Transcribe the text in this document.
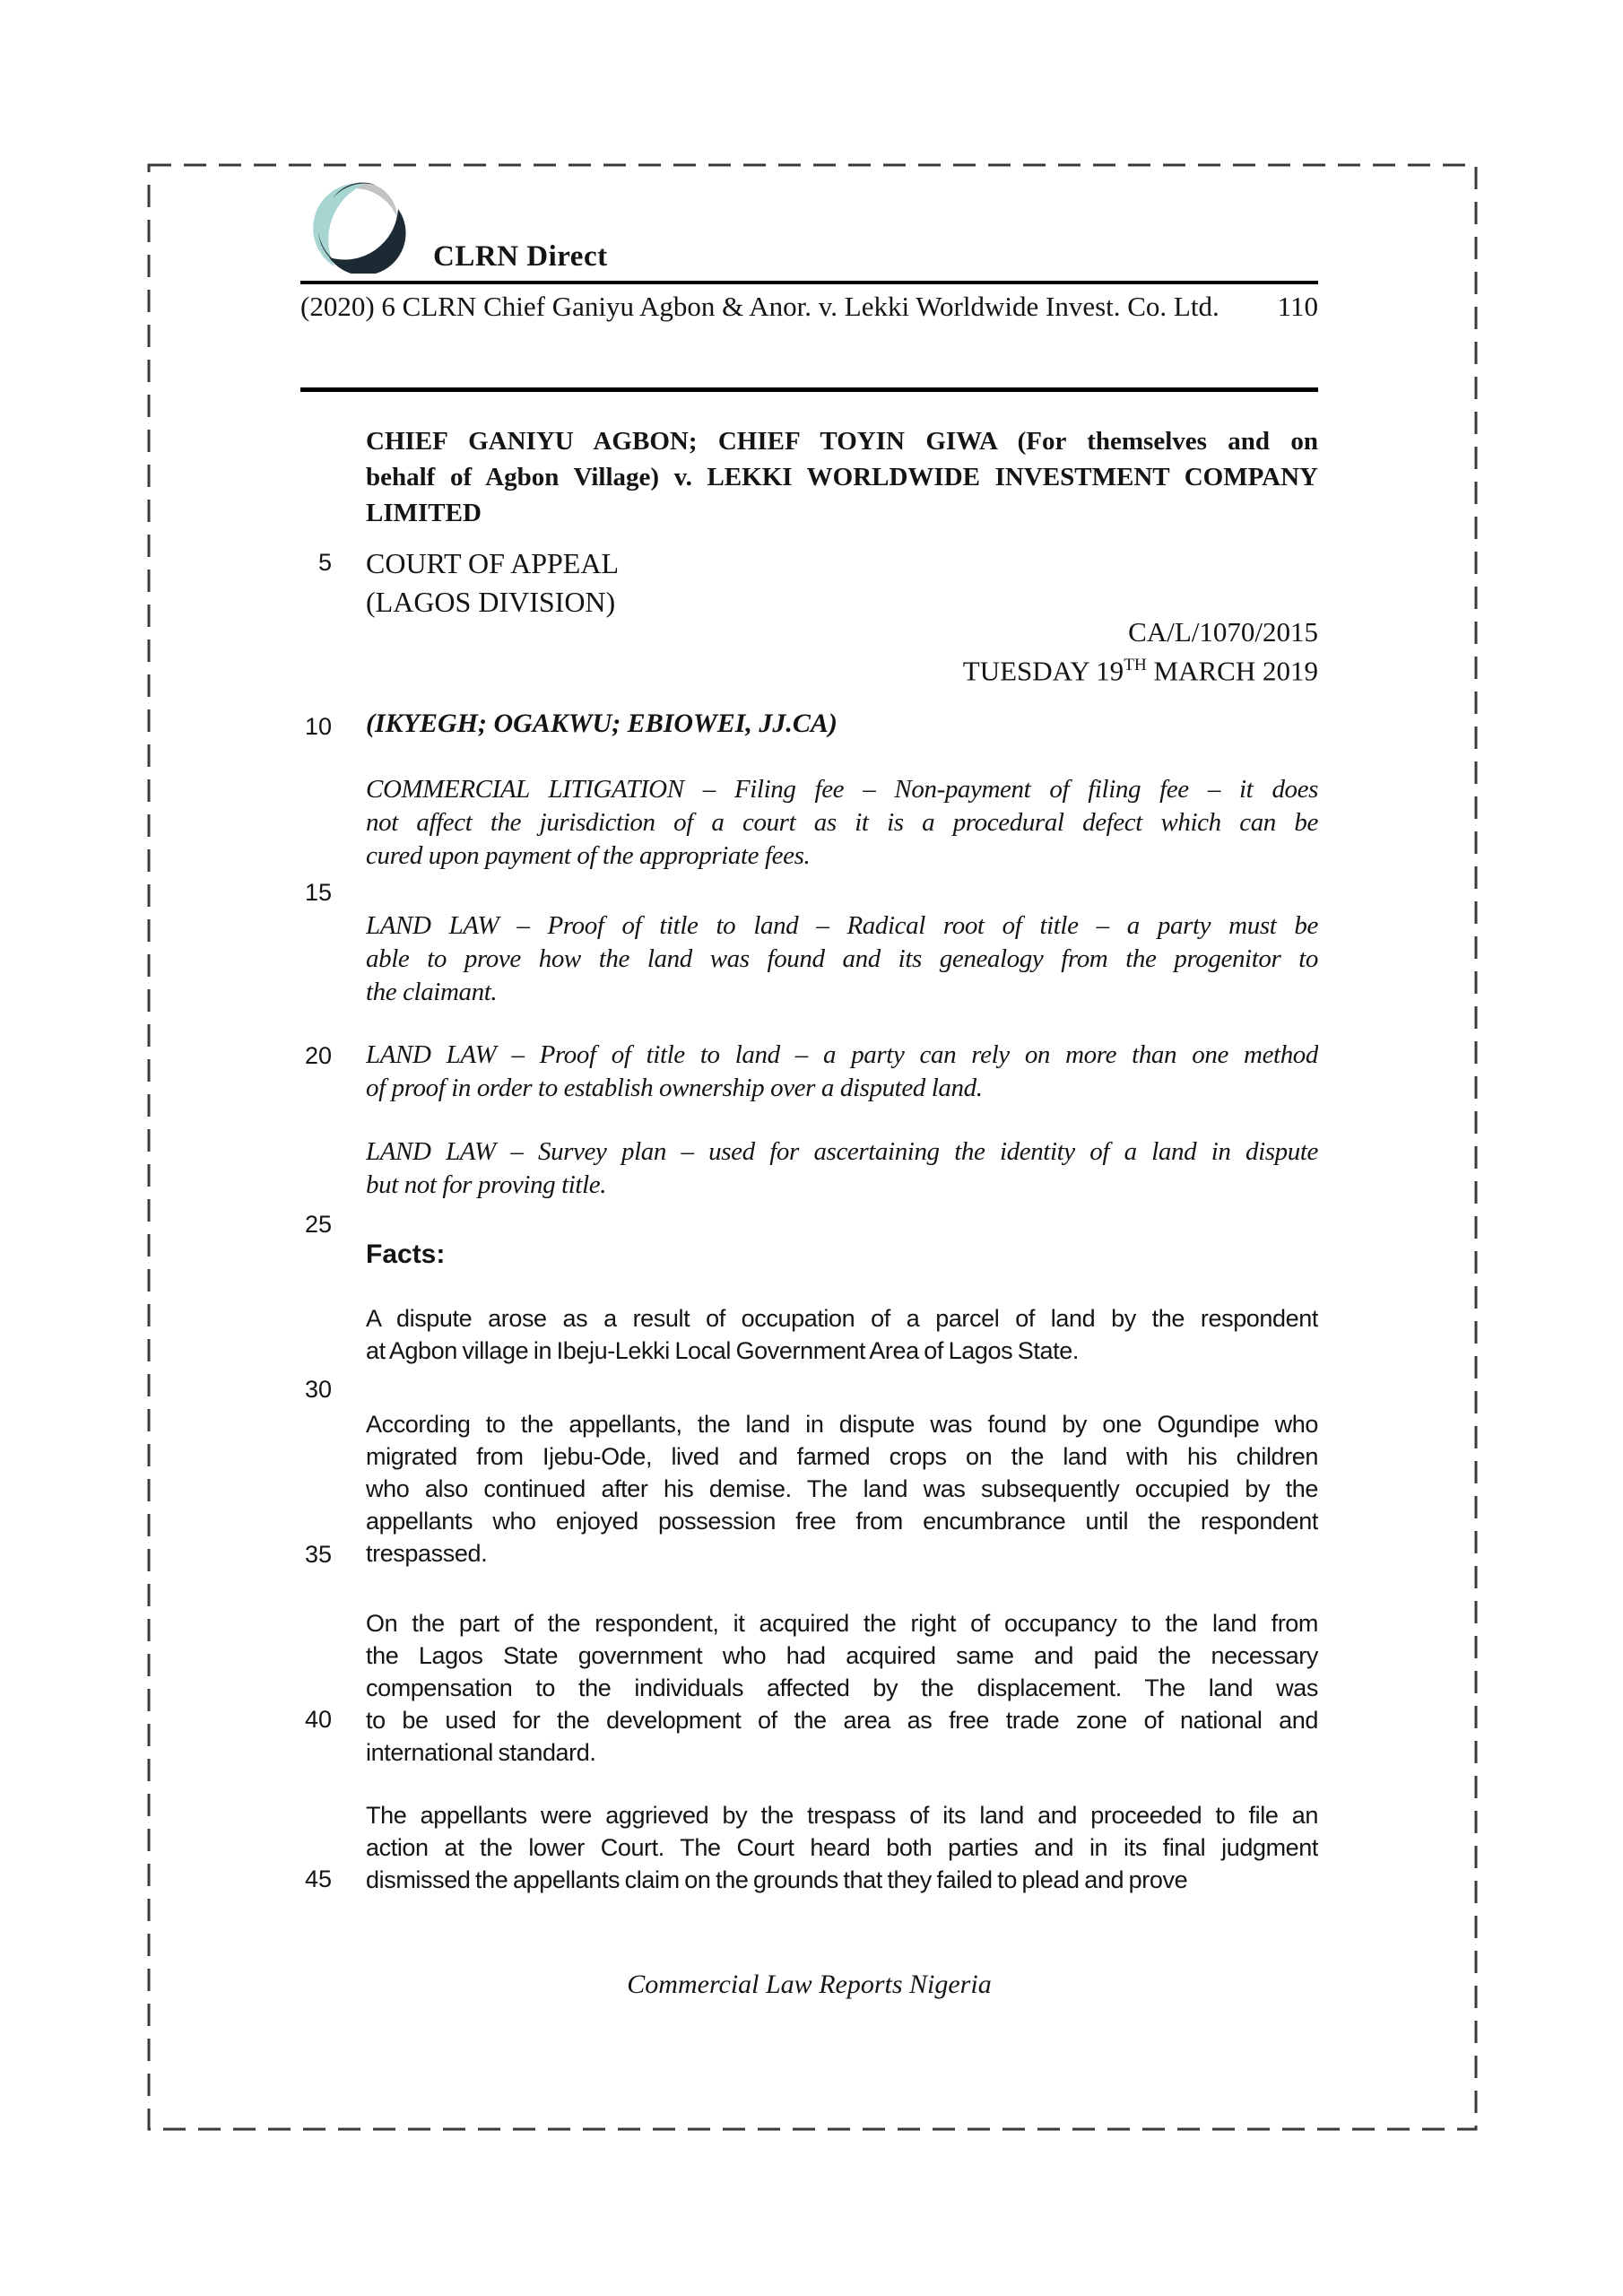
CLRN Direct
(2020) 6 CLRN Chief Ganiyu Agbon & Anor. v. Lekki Worldwide Invest. Co. Ltd. 110
CHIEF GANIYU AGBON; CHIEF TOYIN GIWA (For themselves and on
behalf of Agbon Village) v. LEKKI WORLDWIDE INVESTMENT COMPANY
LIMITED
COURT OF APPEAL
(LAGOS DIVISION)
CA/L/1070/2015
TUESDAY 19TH MARCH 2019
(IKYEGH; OGAKWU; EBIOWEI, JJ.CA)
COMMERCIAL LITIGATION – Filing fee – Non-payment of filing fee – it does
not affect the jurisdiction of a court as it is a procedural defect which can be
cured upon payment of the appropriate fees.
LAND LAW – Proof of title to land – Radical root of title – a party must be
able to prove how the land was found and its genealogy from the progenitor to
the claimant.
LAND LAW – Proof of title to land – a party can rely on more than one method
of proof in order to establish ownership over a disputed land.
LAND LAW – Survey plan – used for ascertaining the identity of a land in dispute
but not for proving title.
Facts:
A dispute arose as a result of occupation of a parcel of land by the respondent
at Agbon village in Ibeju-Lekki Local Government Area of Lagos State.
According to the appellants, the land in dispute was found by one Ogundipe who
migrated from Ijebu-Ode, lived and farmed crops on the land with his children
who also continued after his demise. The land was subsequently occupied by the
appellants who enjoyed possession free from encumbrance until the respondent
trespassed.
On the part of the respondent, it acquired the right of occupancy to the land from
the Lagos State government who had acquired same and paid the necessary
compensation to the individuals affected by the displacement. The land was
to be used for the development of the area as free trade zone of national and
international standard.
The appellants were aggrieved by the trespass of its land and proceeded to file an
action at the lower Court. The Court heard both parties and in its final judgment
dismissed the appellants claim on the grounds that they failed to plead and prove
5
10
15
20
25
30
35
40
45
Commercial Law Reports Nigeria
